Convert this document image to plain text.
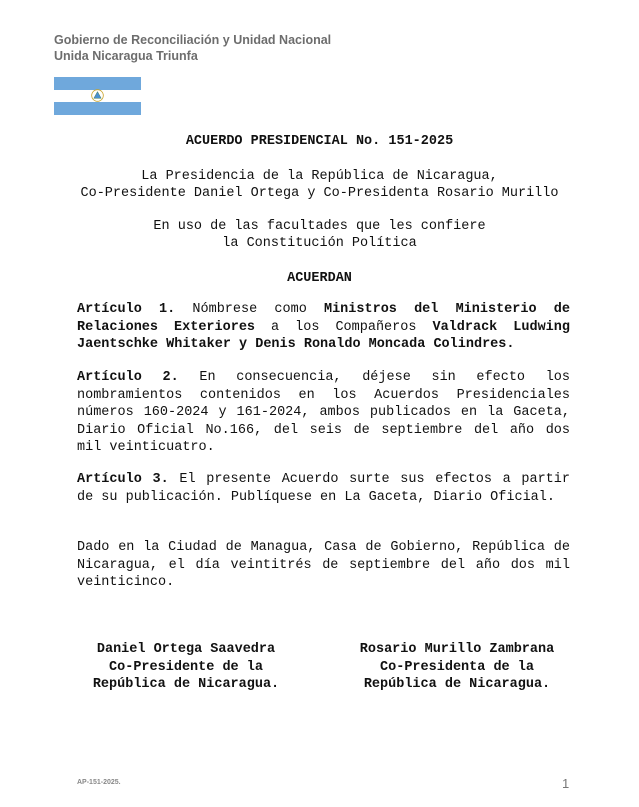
Gobierno de Reconciliación y Unidad Nacional
Unida Nicaragua Triunfa
ACUERDO PRESIDENCIAL No. 151-2025
La Presidencia de la República de Nicaragua,
Co-Presidente Daniel Ortega y Co-Presidenta Rosario Murillo
En uso de las facultades que les confiere
la Constitución Política
ACUERDAN
Artículo 1. Nómbrese como Ministros del Ministerio de Relaciones Exteriores a los Compañeros Valdrack Ludwing Jaentschke Whitaker y Denis Ronaldo Moncada Colindres.
Artículo 2. En consecuencia, déjese sin efecto los nombramientos contenidos en los Acuerdos Presidenciales números 160-2024 y 161-2024, ambos publicados en la Gaceta, Diario Oficial No.166, del seis de septiembre del año dos mil veinticuatro.
Artículo 3. El presente Acuerdo surte sus efectos a partir de su publicación. Publíquese en La Gaceta, Diario Oficial.
Dado en la Ciudad de Managua, Casa de Gobierno, República de Nicaragua, el día veintitrés de septiembre del año dos mil veinticinco.
Daniel Ortega Saavedra
Co-Presidente de la
República de Nicaragua.
Rosario Murillo Zambrana
Co-Presidenta de la
República de Nicaragua.
AP-151-2025.	1
